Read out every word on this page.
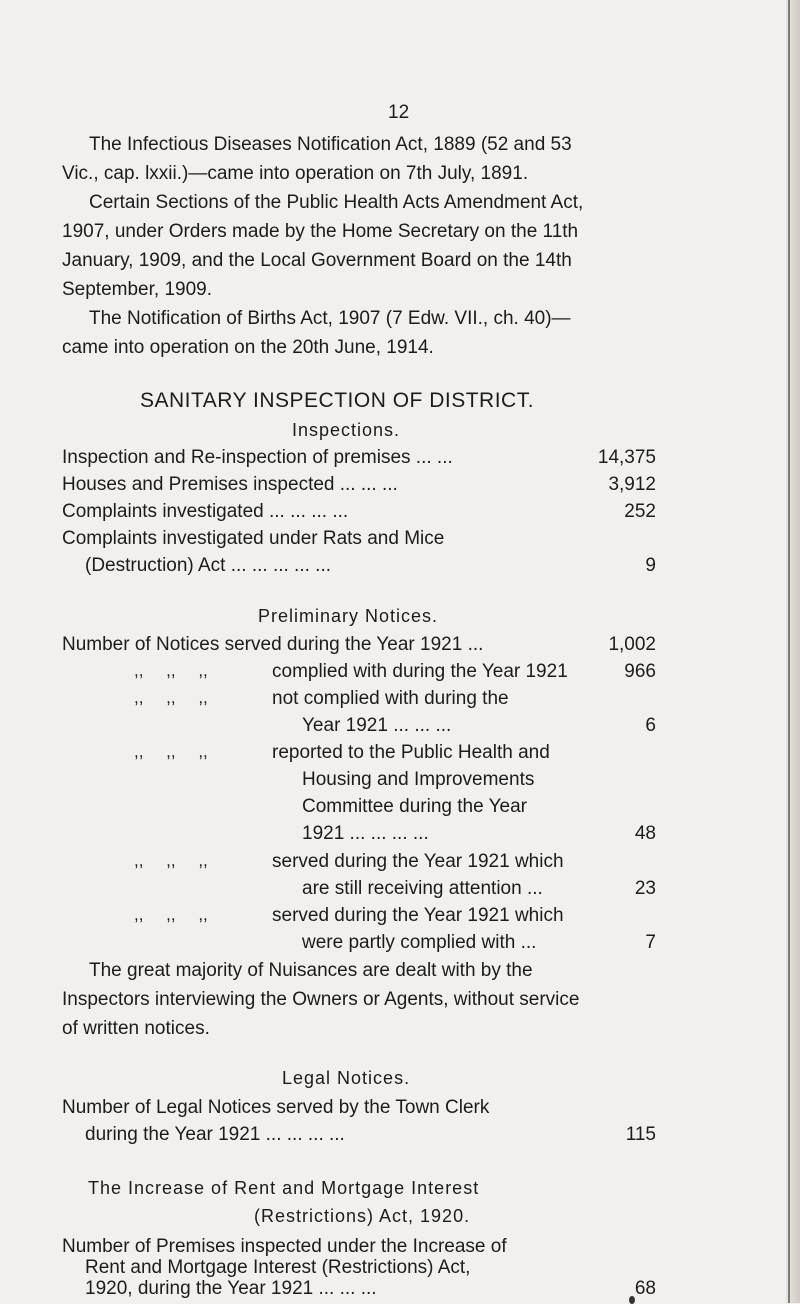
12
The Infectious Diseases Notification Act, 1889 (52 and 53
Vic., cap. lxxii.)—came into operation on 7th July, 1891.
Certain Sections of the Public Health Acts Amendment Act,
1907, under Orders made by the Home Secretary on the 11th
January, 1909, and the Local Government Board on the 14th
September, 1909.
The Notification of Births Act, 1907 (7 Edw. VII., ch. 40)—
came into operation on the 20th June, 1914.
SANITARY INSPECTION OF DISTRICT.
Inspections.
Inspection and Re-inspection of premises ... ...	14,375
Houses and Premises inspected ... ... ...	3,912
Complaints investigated ... ... ... ...	252
Complaints investigated under Rats and Mice
(Destruction) Act ... ... ... ... ...	9
Preliminary Notices.
Number of Notices served during the Year 1921 ...	1,002
,, ,, ,,	complied with during the Year 1921	966
,, ,, ,,	not complied with during the
Year 1921 ... ... ...	6
,, ,, ,,	reported to the Public Health and
Housing and Improvements
Committee during the Year
1921 ... ... ... ...	48
,, ,, ,,	served during the Year 1921 which
are still receiving attention ...	23
,, ,, ,,	served during the Year 1921 which
were partly complied with ...	7
The great majority of Nuisances are dealt with by the
Inspectors interviewing the Owners or Agents, without service
of written notices.
Legal Notices.
Number of Legal Notices served by the Town Clerk
during the Year 1921 ... ... ... ...	115
The Increase of Rent and Mortgage Interest
(Restrictions) Act, 1920.
Number of Premises inspected under the Increase of
Rent and Mortgage Interest (Restrictions) Act,
1920, during the Year 1921 ... ... ...	68
